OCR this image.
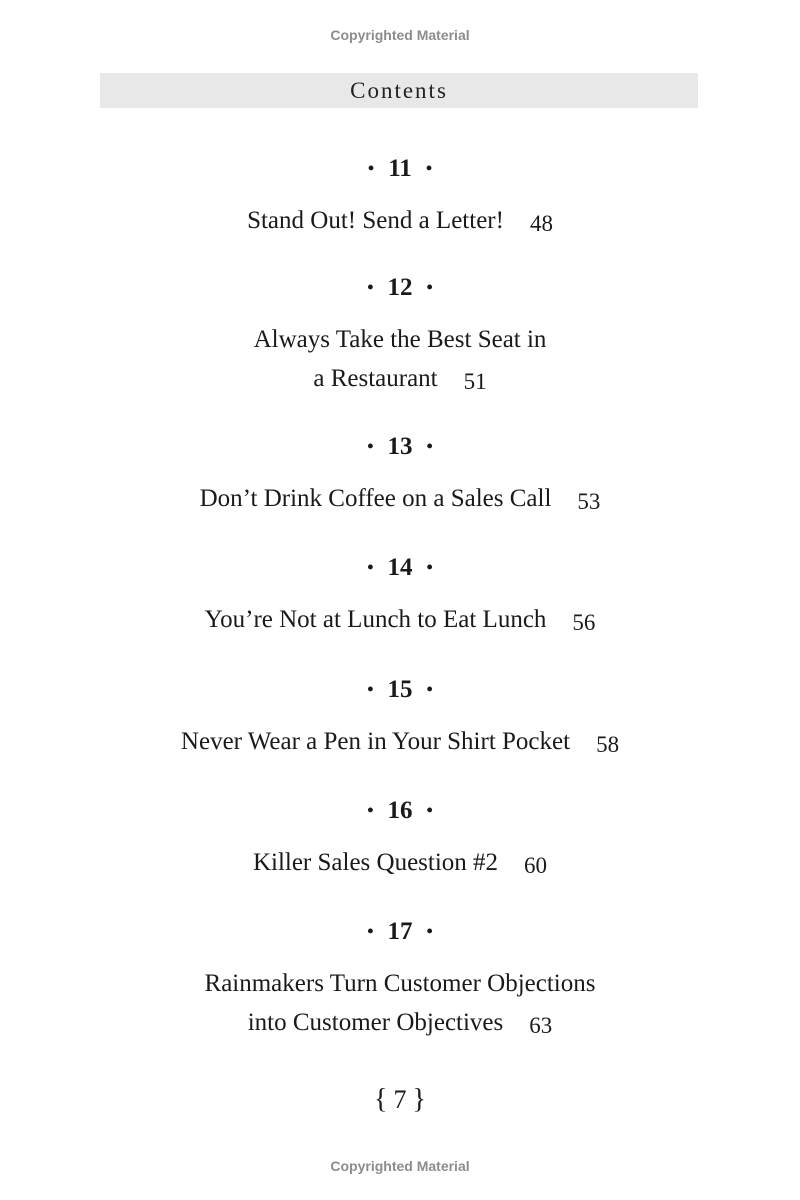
Copyrighted Material
Contents
• 11 •
Stand Out! Send a Letter! 48
• 12 •
Always Take the Best Seat in
a Restaurant 51
• 13 •
Don’t Drink Coffee on a Sales Call 53
• 14 •
You’re Not at Lunch to Eat Lunch 56
• 15 •
Never Wear a Pen in Your Shirt Pocket 58
• 16 •
Killer Sales Question #2 60
• 17 •
Rainmakers Turn Customer Objections
into Customer Objectives 63
{ 7 }
Copyrighted Material
